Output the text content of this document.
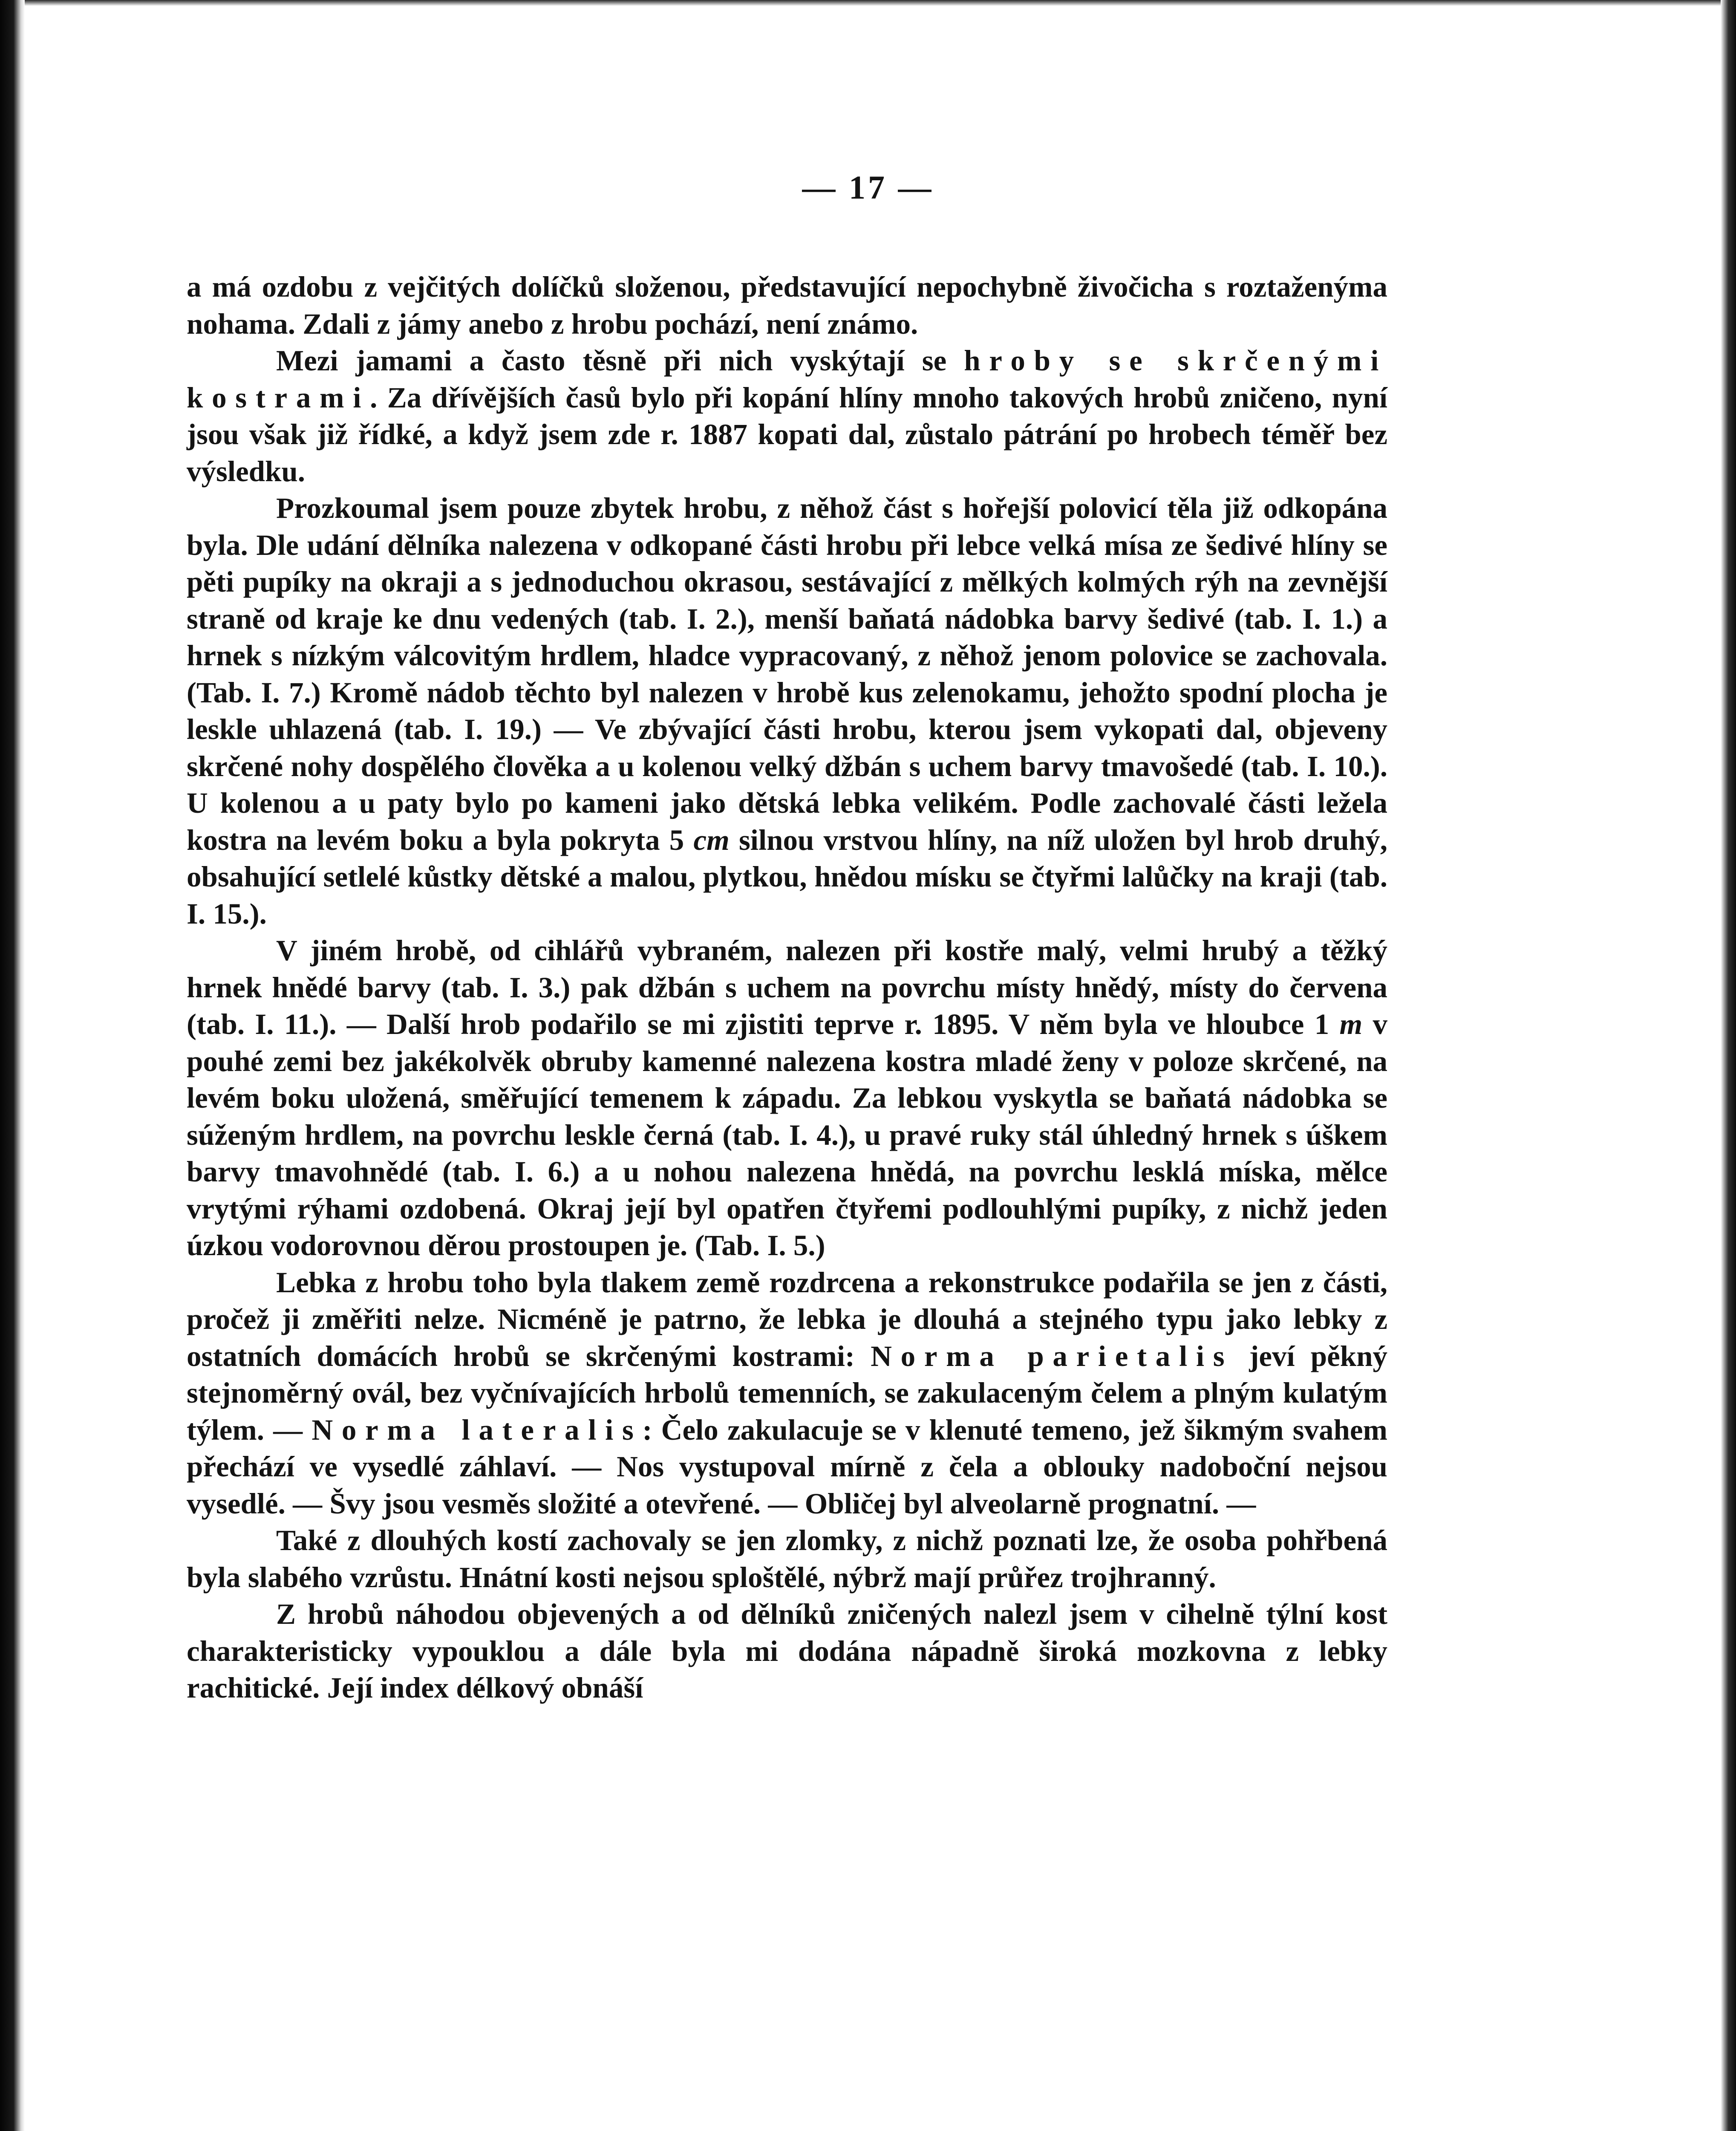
— 17 —

a má ozdobu z vejčitých dolíčků složenou, představující nepochybně živočicha s roztaženýma nohama. Zdali z jámy anebo z hrobu pochází, není známo.

Mezi jamami a často těsně při nich vyskýtají se hroby se skrčenými kostrami. Za dřívějších časů bylo při kopání hlíny mnoho takových hrobů zničeno, nyní jsou však již řídké, a když jsem zde r. 1887 kopati dal, zůstalo pátrání po hrobech téměř bez výsledku.

Prozkoumal jsem pouze zbytek hrobu, z něhož část s hořejší polovicí těla již odkopána byla. Dle udání dělníka nalezena v odkopané části hrobu při lebce velká mísa ze šedivé hlíny se pěti pupíky na okraji a s jednoduchou okrasou, sestávající z mělkých kolmých rýh na zevnější straně od kraje ke dnu vedených (tab. I. 2.), menší baňatá nádobka barvy šedivé (tab. I. 1.) a hrnek s nízkým válcovitým hrdlem, hladce vypracovaný, z něhož jenom polovice se zachovala. (Tab. I. 7.) Kromě nádob těchto byl nalezen v hrobě kus zelenokamu, jehožto spodní plocha je leskle uhlazená (tab. I. 19.) — Ve zbývající části hrobu, kterou jsem vykopati dal, objeveny skrčené nohy dospělého člověka a u kolenou velký džbán s uchem barvy tmavošedé (tab. I. 10.). U kolenou a u paty bylo po kameni jako dětská lebka velikém. Podle zachovalé části ležela kostra na levém boku a byla pokryta 5 cm silnou vrstvou hlíny, na níž uložen byl hrob druhý, obsahující setlelé kůstky dětské a malou, plytkou, hnědou mísku se čtyřmi lalůčky na kraji (tab. I. 15.).

V jiném hrobě, od cihlářů vybraném, nalezen při kostře malý, velmi hrubý a těžký hrnek hnědé barvy (tab. I. 3.) pak džbán s uchem na povrchu místy hnědý, místy do červena (tab. I. 11.). — Další hrob podařilo se mi zjistiti teprve r. 1895. V něm byla ve hloubce 1 m v pouhé zemi bez jakékolvěk obruby kamenné nalezena kostra mladé ženy v poloze skrčené, na levém boku uložená, směřující temenem k západu. Za lebkou vyskytla se baňatá nádobka se súženým hrdlem, na povrchu leskle černá (tab. I. 4.), u pravé ruky stál úhledný hrnek s úškem barvy tmavohnědé (tab. I. 6.) a u nohou nalezena hnědá, na povrchu lesklá míska, mělce vrytými rýhami ozdobená. Okraj její byl opatřen čtyřemi podlouhlými pupíky, z nichž jeden úzkou vodorovnou děrou prostoupen je. (Tab. I. 5.)

Lebka z hrobu toho byla tlakem země rozdrcena a rekonstrukce podařila se jen z části, pročež ji změřiti nelze. Nicméně je patrno, že lebka je dlouhá a stejného typu jako lebky z ostatních domácích hrobů se skrčenými kostrami: Norma parietalis jeví pěkný stejnoměrný ovál, bez vyčnívajících hrbolů temenních, se zakulaceným čelem a plným kulatým týlem. — Norma lateralis: Čelo zakulacuje se v klenuté temeno, jež šikmým svahem přechází ve vysedlé záhlaví. — Nos vystupoval mírně z čela a oblouky nadoboční nejsou vysedlé. — Švy jsou vesměs složité a otevřené. — Obličej byl alveolarně prognatní. —

Také z dlouhých kostí zachovaly se jen zlomky, z nichž poznati lze, že osoba pohřbená byla slabého vzrůstu. Hnátní kosti nejsou sploštělé, nýbrž mají průřez trojhranný.

Z hrobů náhodou objevených a od dělníků zničených nalezl jsem v cihelně týlní kost charakteristicky vypouklou a dále byla mi dodána nápadně široká mozkovna z lebky rachitické. Její index délkový obnáší
